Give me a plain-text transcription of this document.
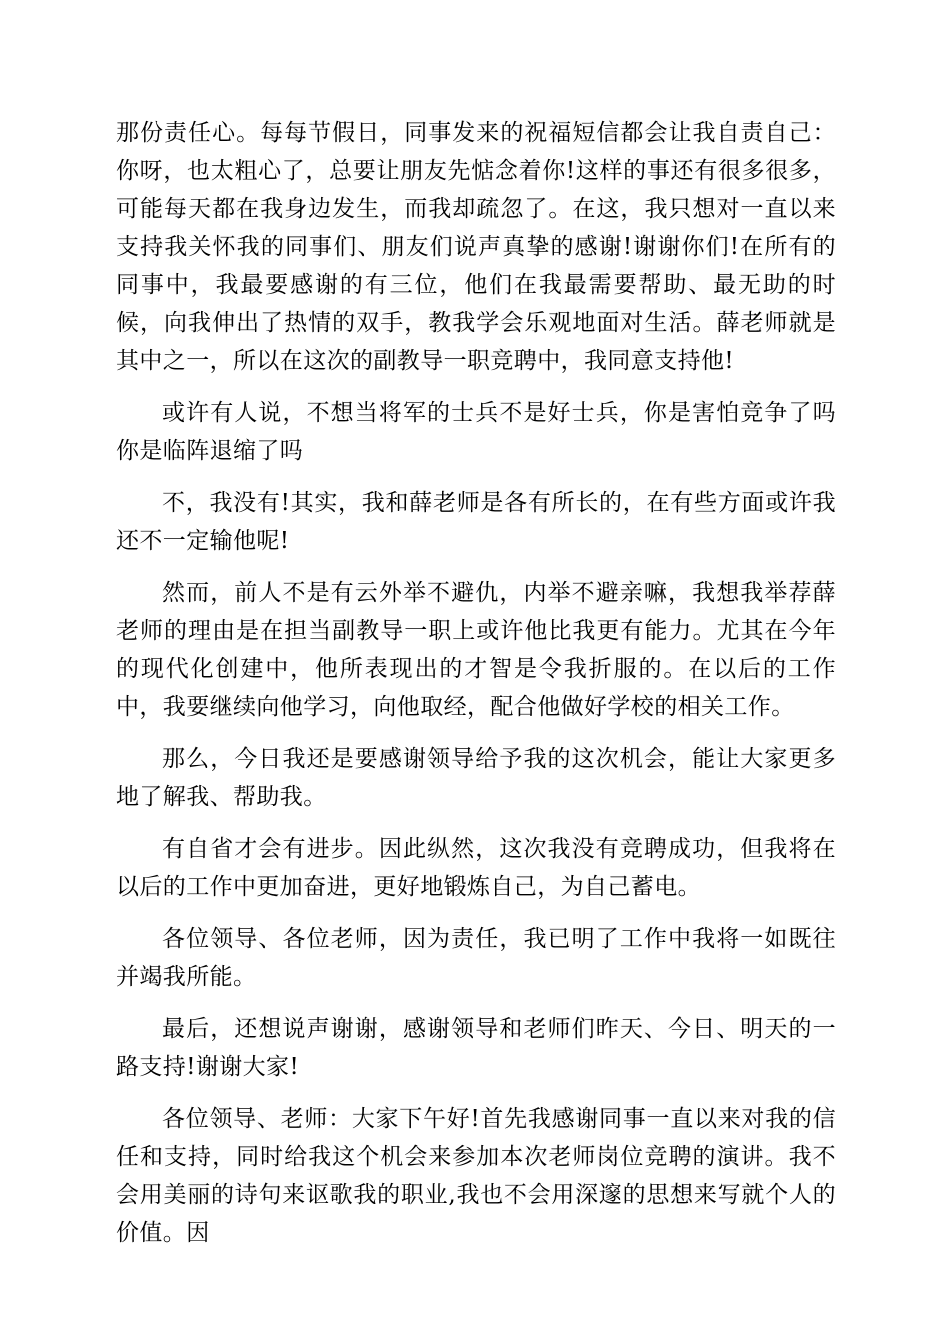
那份责任心。每每节假日，同事发来的祝福短信都会让我自责自己：你呀，也太粗心了，总要让朋友先惦念着你!这样的事还有很多很多，可能每天都在我身边发生，而我却疏忽了。在这，我只想对一直以来支持我关怀我的同事们、朋友们说声真挚的感谢!谢谢你们!在所有的同事中，我最要感谢的有三位，他们在我最需要帮助、最无助的时候，向我伸出了热情的双手，教我学会乐观地面对生活。薛老师就是其中之一，所以在这次的副教导一职竞聘中，我同意支持他!

或许有人说，不想当将军的士兵不是好士兵，你是害怕竞争了吗你是临阵退缩了吗

不，我没有!其实，我和薛老师是各有所长的，在有些方面或许我还不一定输他呢!

然而，前人不是有云外举不避仇，内举不避亲嘛，我想我举荐薛老师的理由是在担当副教导一职上或许他比我更有能力。尤其在今年的现代化创建中，他所表现出的才智是令我折服的。在以后的工作中，我要继续向他学习，向他取经，配合他做好学校的相关工作。

那么，今日我还是要感谢领导给予我的这次机会，能让大家更多地了解我、帮助我。

有自省才会有进步。因此纵然，这次我没有竞聘成功，但我将在以后的工作中更加奋进，更好地锻炼自己，为自己蓄电。

各位领导、各位老师，因为责任，我已明了工作中我将一如既往并竭我所能。

最后，还想说声谢谢，感谢领导和老师们昨天、今日、明天的一路支持!谢谢大家!

各位领导、老师：大家下午好!首先我感谢同事一直以来对我的信任和支持，同时给我这个机会来参加本次老师岗位竞聘的演讲。我不会用美丽的诗句来讴歌我的职业,我也不会用深邃的思想来写就个人的价值。因
